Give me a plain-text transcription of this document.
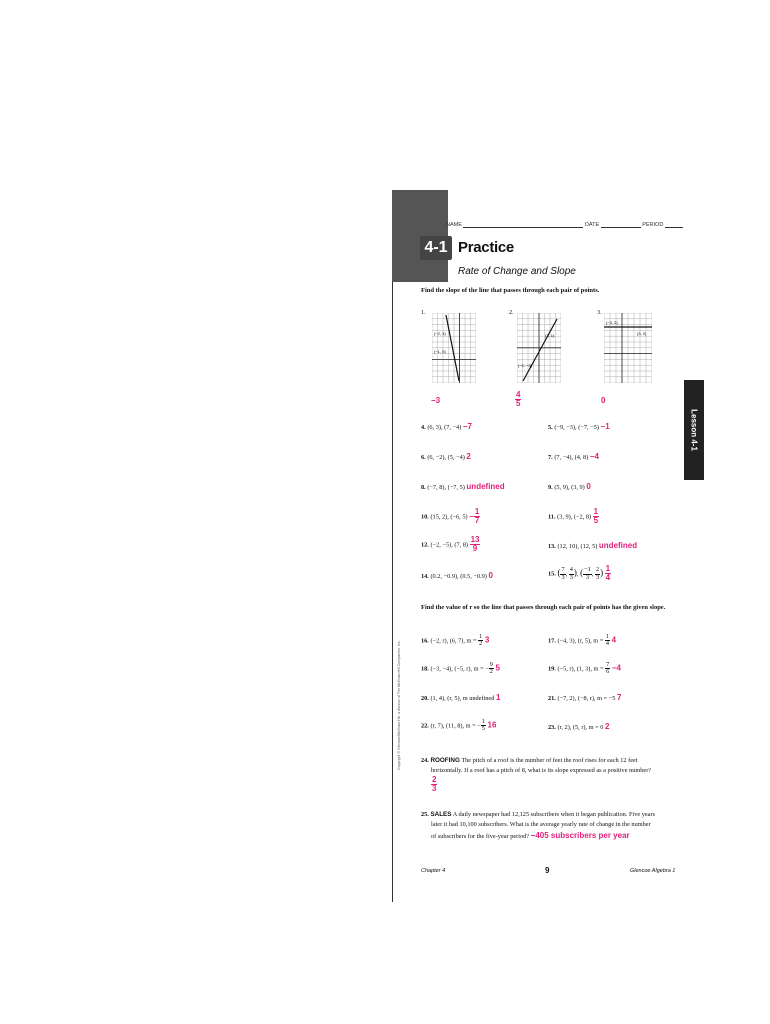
NAME	DATE	PERIOD
4-1 Practice
Rate of Change and Slope
Lesson 4-1
Copyright © Glencoe/McGraw-Hill, a division of The McGraw-Hill Companies, Inc.
Find the slope of the line that passes through each pair of points.
1.	2.	3.
(−2, 3)
(−1, 0)
(3, 1)
(−2, −3)
(−3, 2)
(3, 2)
−3	$\frac{4}{5}$	0
4. (6, 3), (7, −4) −7	5. (−9, −3), (−7, −5) −1
6. (6, −2), (5, −4) 2	7. (7, −4), (4, 8) −4
8. (−7, 8), (−7, 5) undefined	9. (5, 9), (3, 9) 0
10. (15, 2), (−6, $5) - \frac{1}{7}$	11. (3, 9), (−2, $8) \frac{1}{5}$
12. (−2, −5), (7, $8) \frac{13}{9}$	13. (12, 10), (12, 5) undefined
14. (0.2, −0.9), (0.5, −0.9) 0	15. ( $\frac{7}{3}$ , $\frac{4}{3}$ ), ( $\frac{-1}{3}$ , $\frac{2}{3}$ ) $\frac{1}{4}$
Find the value of r so the line that passes through each pair of points has the given slope.
16. (−2, r), (6, 7), $m = \frac{1}{2} 3$	17. (−4, 3), (r, 5), $m = \frac{1}{4} 4$
18. (−3, −4), (−5, r), m = − $\frac{9}{2} 5$	19. (−5, r), (1, 3), $m = \frac{7}{6} -4$
20. (1, 4), (r, 5), m undefined 1	21. (−7, 2), (−8, r), m = −5 7
22. (r, 7), (11, 8), m = − $\frac{1}{5} 16$	23. (r, 2), (5, r), m = 0 2
24. ROOFING The pitch of a roof is the number of feet the roof rises for each 12 feet
horizontally. If a roof has a pitch of 8, what is its slope expressed as a positive number?
$\frac{2}{3}$
25. SALES A daily newspaper had 12,125 subscribers when it began publication. Five years
later it had 10,100 subscribers. What is the average yearly rate of change in the number
of subscribers for the five-year period? −405 subscribers per year
Chapter 4	9	Glencoe Algebra 1
